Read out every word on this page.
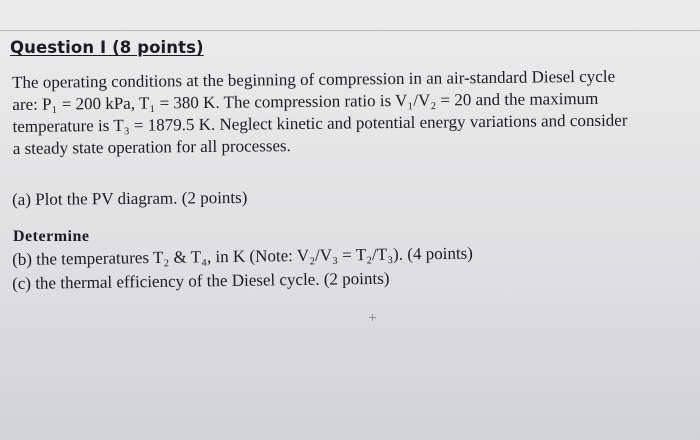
Question I (8 points)
The operating conditions at the beginning of compression in an air-standard Diesel cycle
are: P₁ = 200 kPa, T₁ = 380 K. The compression ratio is V₁/V₂ = 20 and the maximum
temperature is T₃ = 1879.5 K. Neglect kinetic and potential energy variations and consider
a steady state operation for all processes.
(a) Plot the PV diagram. (2 points)
Determine
(b) the temperatures T₂ & T₄, in K (Note: V₂/V₃ = T₂/T₃). (4 points)
(c) the thermal efficiency of the Diesel cycle. (2 points)
+
